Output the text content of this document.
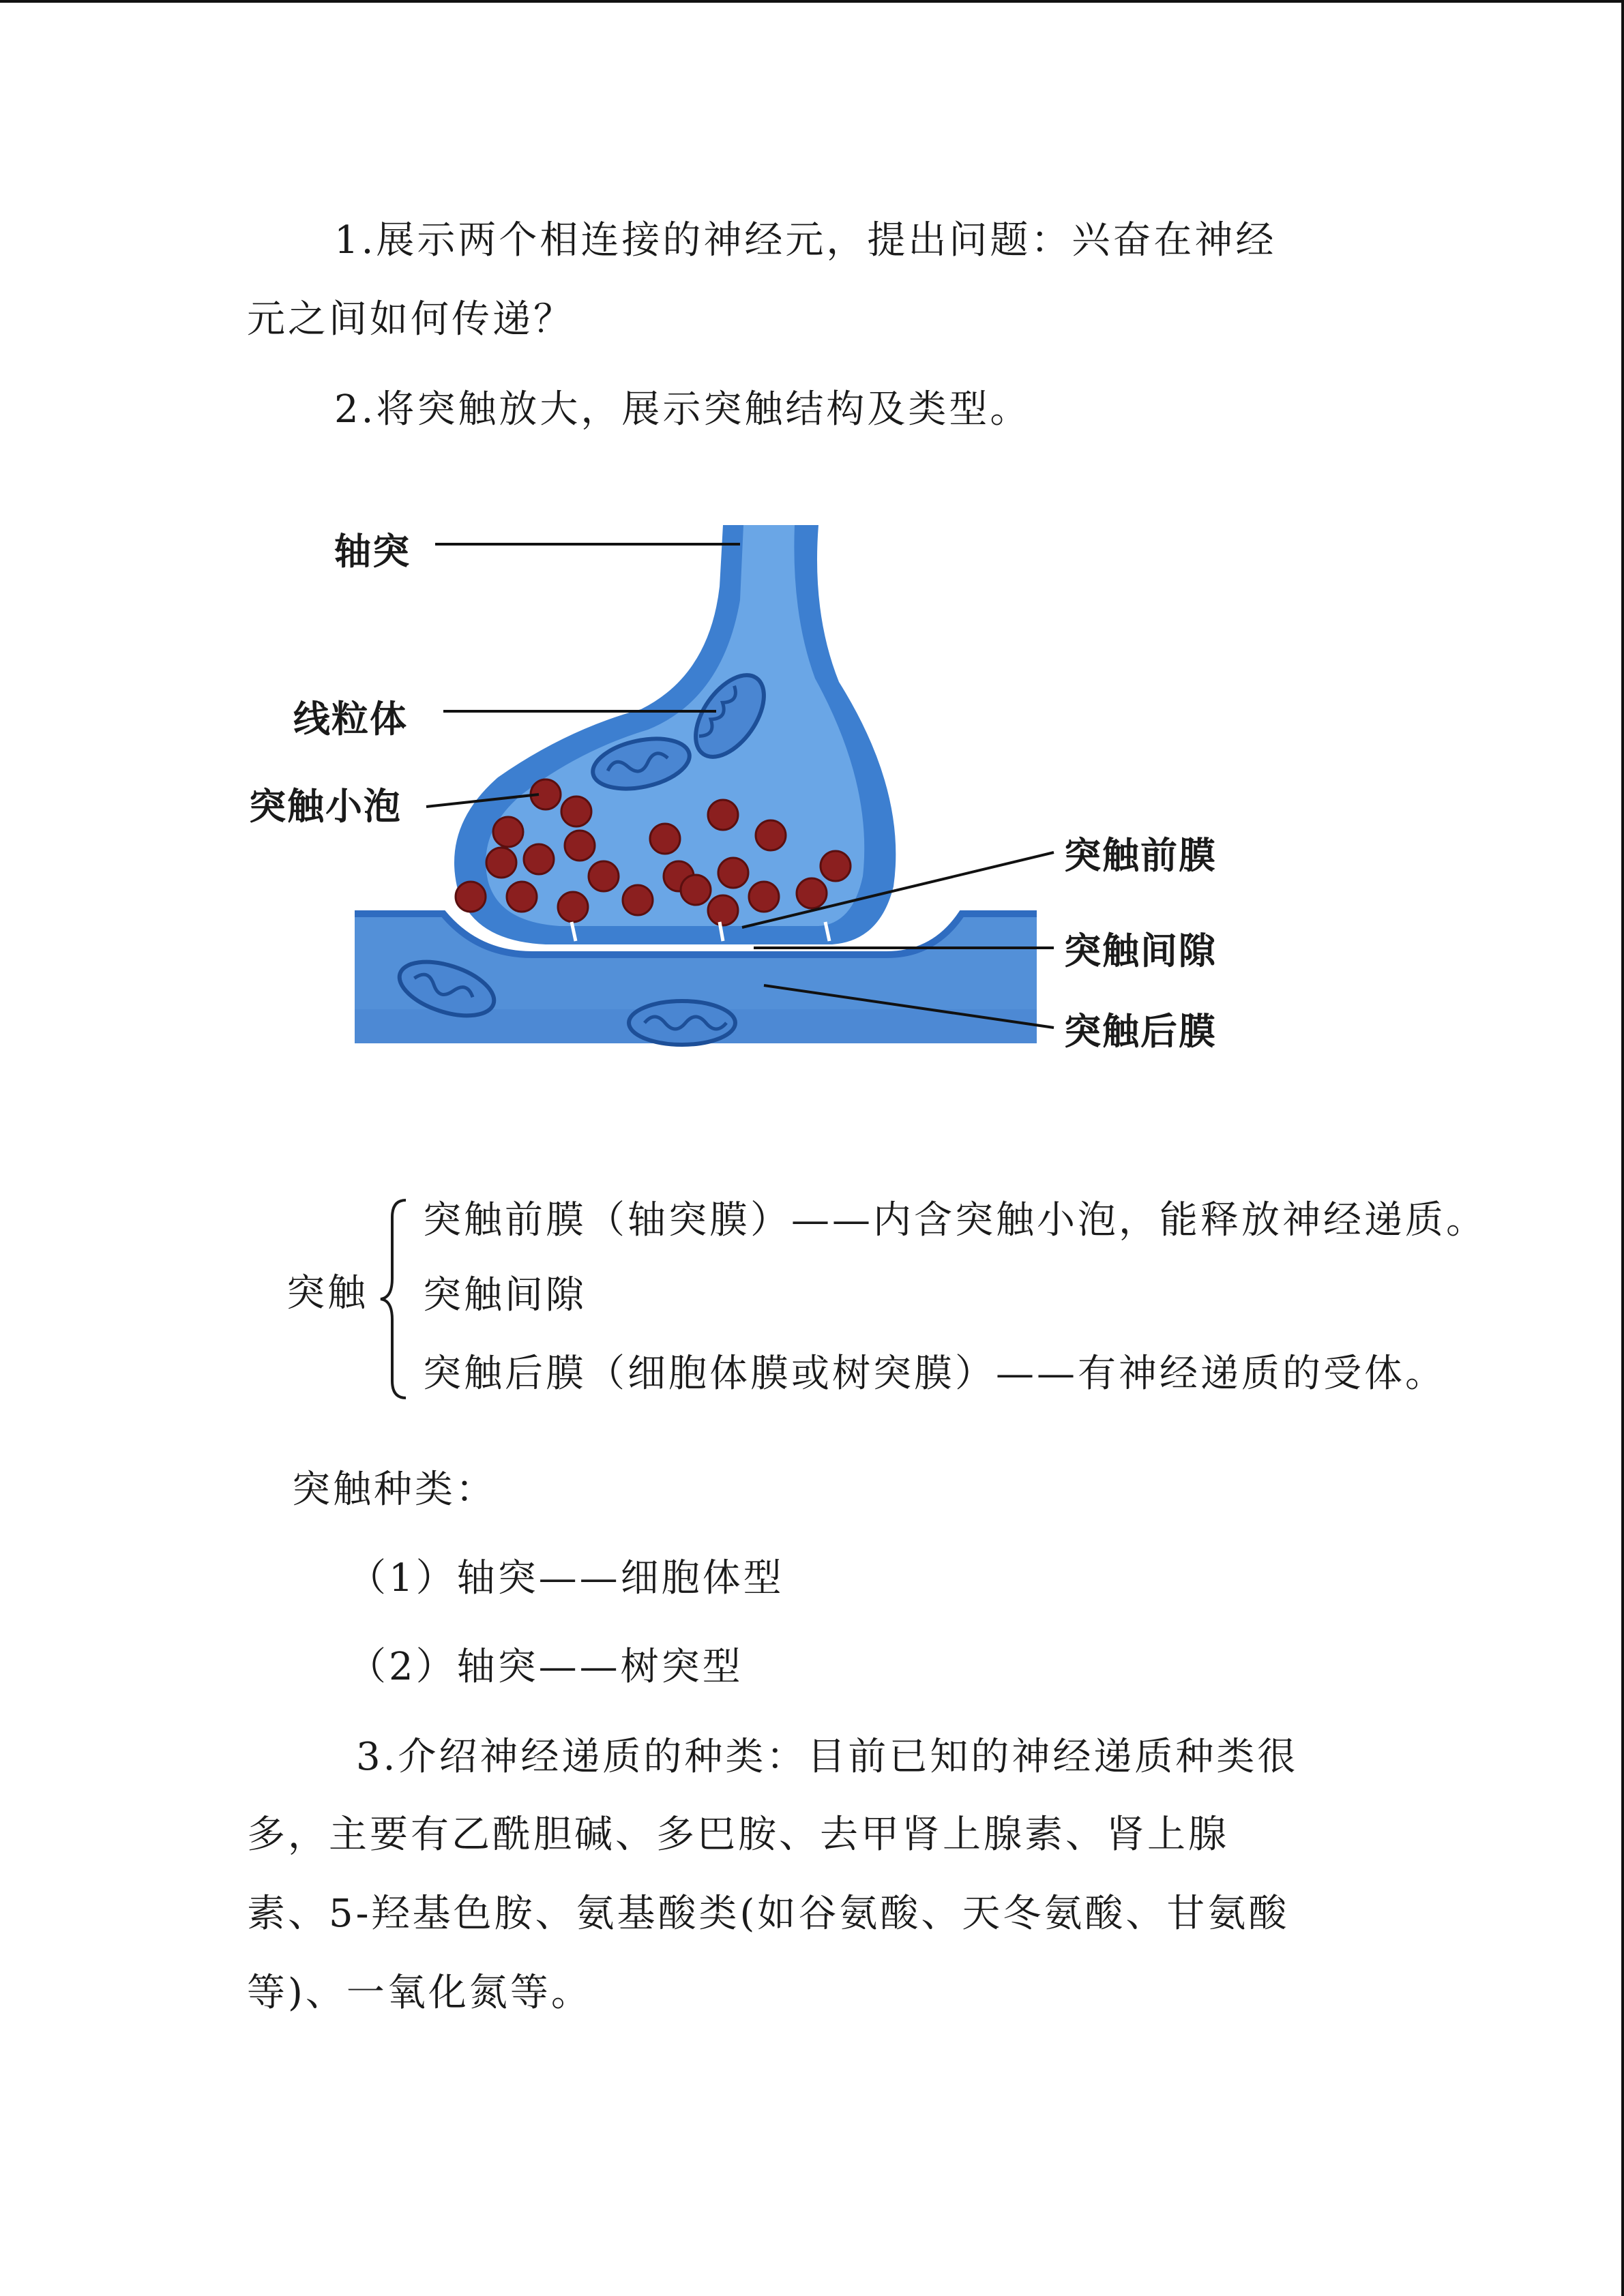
1.展示两个相连接的神经元，提出问题：兴奋在神经
元之间如何传递？
2.将突触放大，展示突触结构及类型。
轴突
线粒体
突触小泡
突触前膜
突触间隙
突触后膜
突触
突触前膜（轴突膜）——内含突触小泡，能释放神经递质。
突触间隙
突触后膜（细胞体膜或树突膜）——有神经递质的受体。
突触种类：
（1）轴突——细胞体型
（2）轴突——树突型
3.介绍神经递质的种类：目前已知的神经递质种类很
多，主要有乙酰胆碱、多巴胺、去甲肾上腺素、肾上腺
素、5-羟基色胺、氨基酸类(如谷氨酸、天冬氨酸、甘氨酸
等)、一氧化氮等。
